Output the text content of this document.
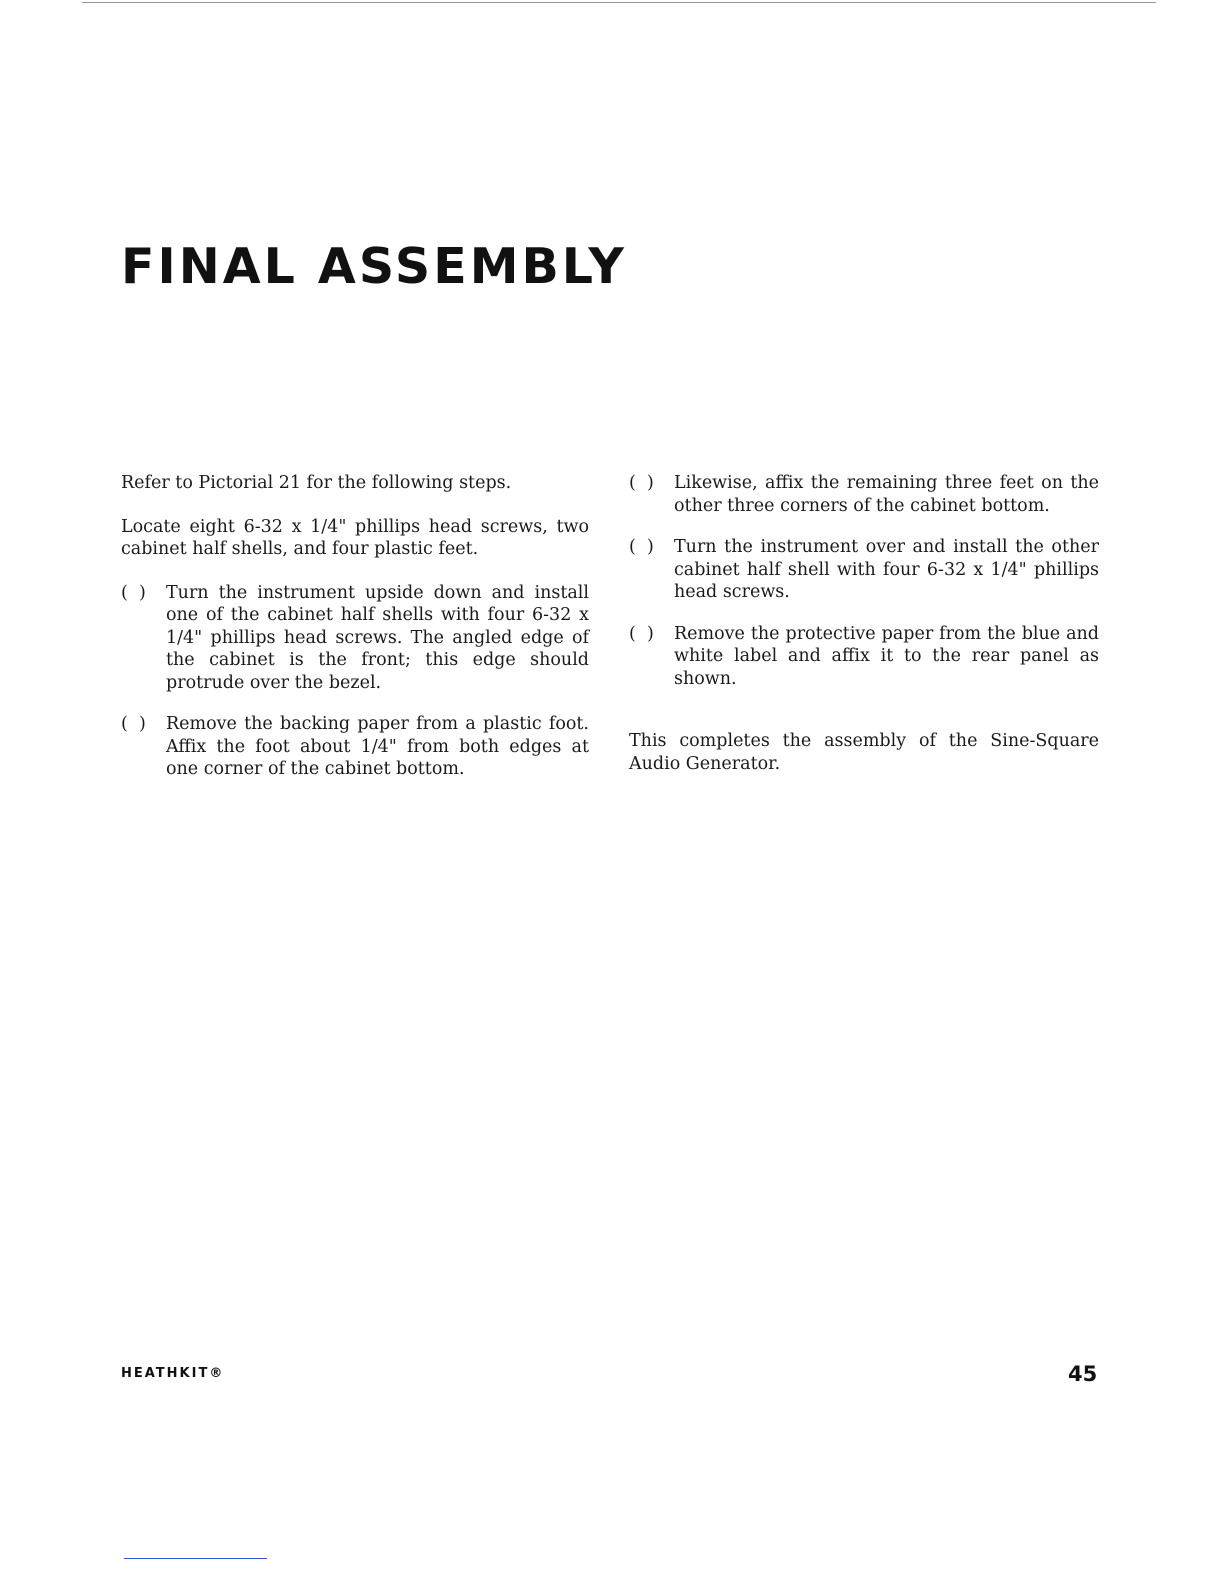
FINAL ASSEMBLY

Refer to Pictorial 21 for the following steps.

Locate eight 6-32 x 1/4" phillips head screws, two cabinet half shells, and four plastic feet.

(  )	Turn the instrument upside down and install one of the cabinet half shells with four 6-32 x 1/4" phillips head screws. The angled edge of the cabinet is the front; this edge should protrude over the bezel.
(  )	Remove the backing paper from a plastic foot. Affix the foot about 1/4" from both edges at one corner of the cabinet bottom.
(  )	Likewise, affix the remaining three feet on the other three corners of the cabinet bottom.
(  )	Turn the instrument over and install the other cabinet half shell with four 6-32 x 1/4" phillips head screws.
(  )	Remove the protective paper from the blue and white label and affix it to the rear panel as shown.

This completes the assembly of the Sine-Square Audio Generator.

HEATHKIT®	45
